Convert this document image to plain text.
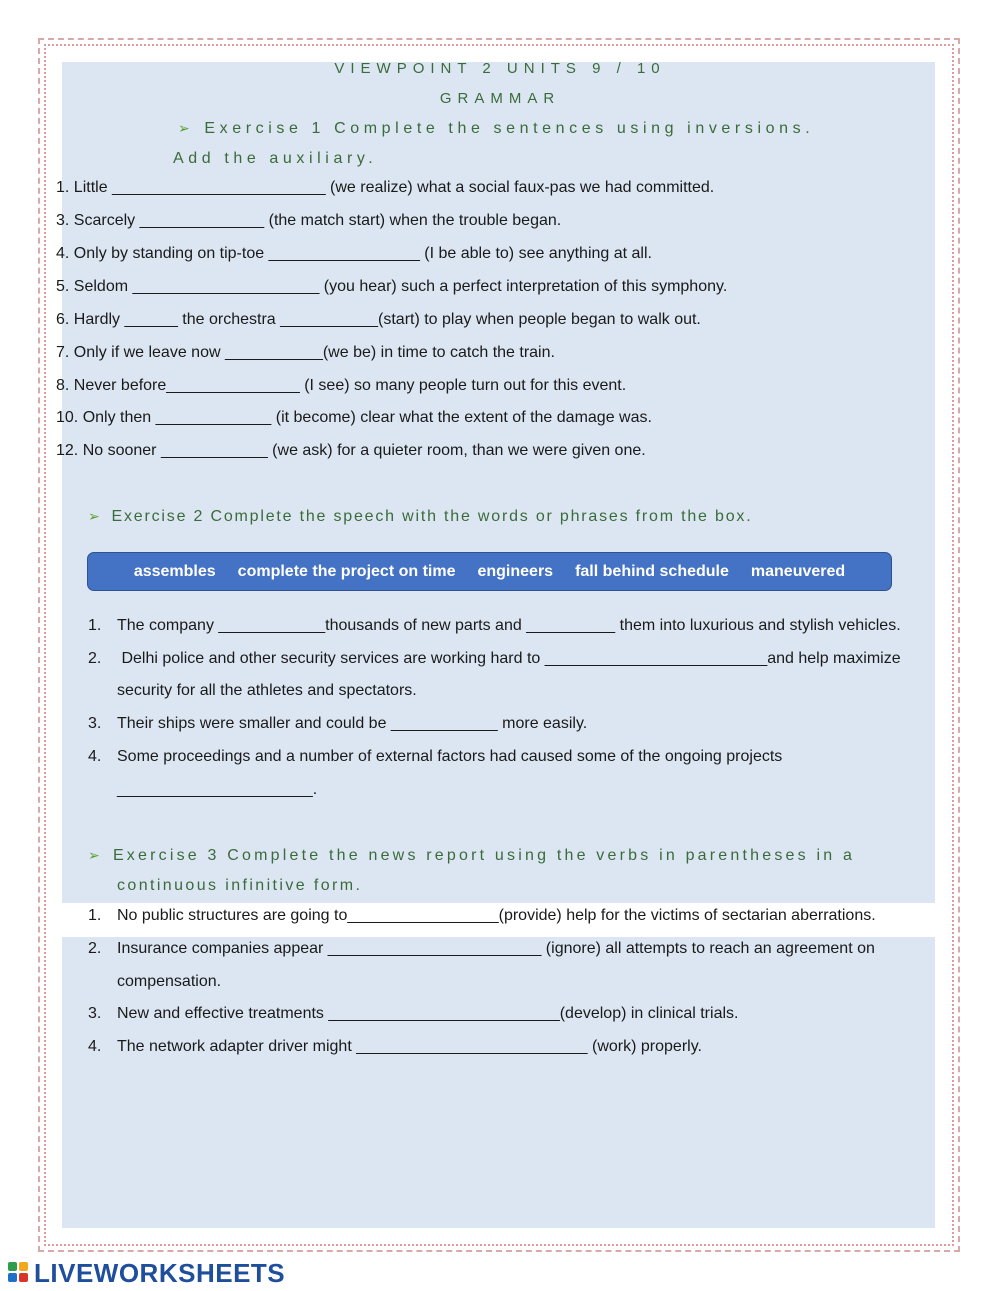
VIEWPOINT 2 UNITS 9 / 10
GRAMMAR
➢ Exercise 1 Complete the sentences using inversions.
Add the auxiliary.
1. Little ________________________ (we realize) what a social faux-pas we had committed.
3. Scarcely ______________ (the match start) when the trouble began.
4. Only by standing on tip-toe _________________ (I be able to) see anything at all.
5. Seldom _____________________ (you hear) such a perfect interpretation of this symphony.
6. Hardly ______ the orchestra ___________(start) to play when people began to walk out.
7. Only if we leave now ___________(we be) in time to catch the train.
8. Never before_______________ (I see) so many people turn out for this event.
10. Only then _____________ (it become) clear what the extent of the damage was.
12. No sooner ____________ (we ask) for a quieter room, than we were given one.
➢ Exercise 2 Complete the speech with the words or phrases from the box.
assembles complete the project on time engineers fall behind schedule maneuvered
1. The company ____________thousands of new parts and __________ them into luxurious and stylish vehicles.
2. Delhi police and other security services are working hard to _________________________and help maximize
security for all the athletes and spectators.
3. Their ships were smaller and could be ____________ more easily.
4. Some proceedings and a number of external factors had caused some of the ongoing projects
______________________.
➢ Exercise 3 Complete the news report using the verbs in parentheses in a
continuous infinitive form.
1. No public structures are going to_________________(provide) help for the victims of sectarian aberrations.
2. Insurance companies appear ________________________ (ignore) all attempts to reach an agreement on
compensation.
3. New and effective treatments __________________________(develop) in clinical trials.
4. The network adapter driver might __________________________ (work) properly.
LIVEWORKSHEETS
